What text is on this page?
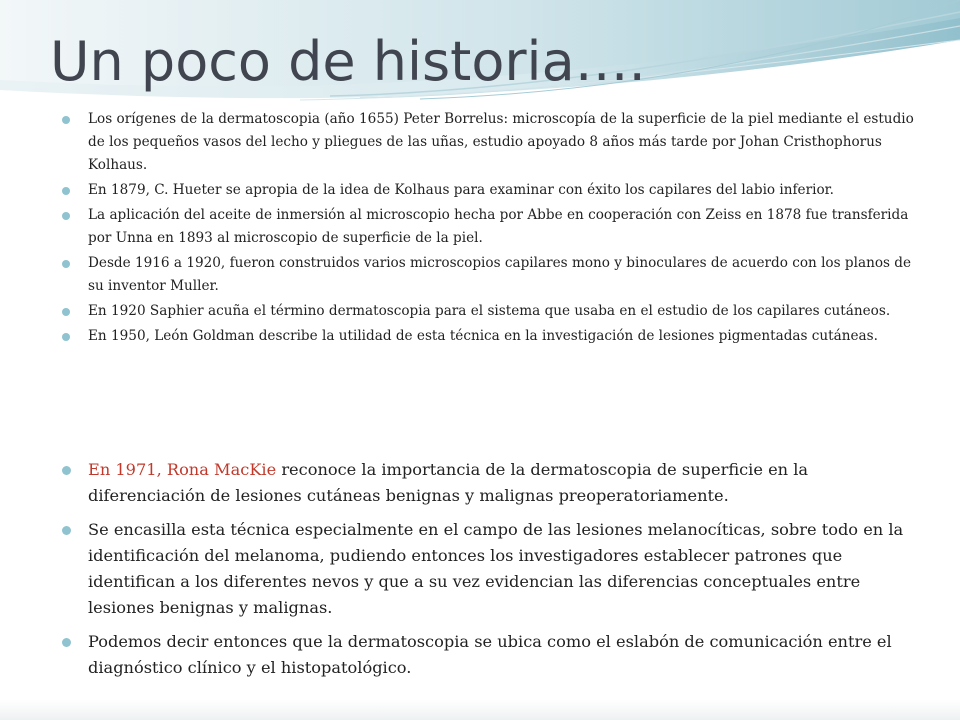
Un poco de historia….
Los orígenes de la dermatoscopia (año 1655) Peter Borrelus: microscopía de la superficie de la piel mediante el estudio de los pequeños vasos del lecho y pliegues de las uñas, estudio apoyado 8 años más tarde por Johan Cristhophorus Kolhaus.
En 1879, C. Hueter se apropia de la idea de Kolhaus para examinar con éxito los capilares del labio inferior.
La aplicación del aceite de inmersión al microscopio hecha por Abbe en cooperación con Zeiss en 1878 fue transferida por Unna en 1893 al microscopio de superficie de la piel.
Desde 1916 a 1920, fueron construidos varios microscopios capilares mono y binoculares de acuerdo con los planos de su inventor Muller.
En 1920 Saphier acuña el término dermatoscopia para el sistema que usaba en el estudio de los capilares cutáneos.
En 1950, León Goldman describe la utilidad de esta técnica en la investigación de lesiones pigmentadas cutáneas.
En 1971, Rona MacKie reconoce la importancia de la dermatoscopia de superficie en la diferenciación de lesiones cutáneas benignas y malignas preoperatoriamente.
Se encasilla esta técnica especialmente en el campo de las lesiones melanocíticas, sobre todo en la identificación del melanoma, pudiendo entonces los investigadores establecer patrones que identifican a los diferentes nevos y que a su vez evidencian las diferencias conceptuales entre lesiones benignas y malignas.
Podemos decir entonces que la dermatoscopia se ubica como el eslabón de comunicación entre el diagnóstico clínico y el histopatológico.
